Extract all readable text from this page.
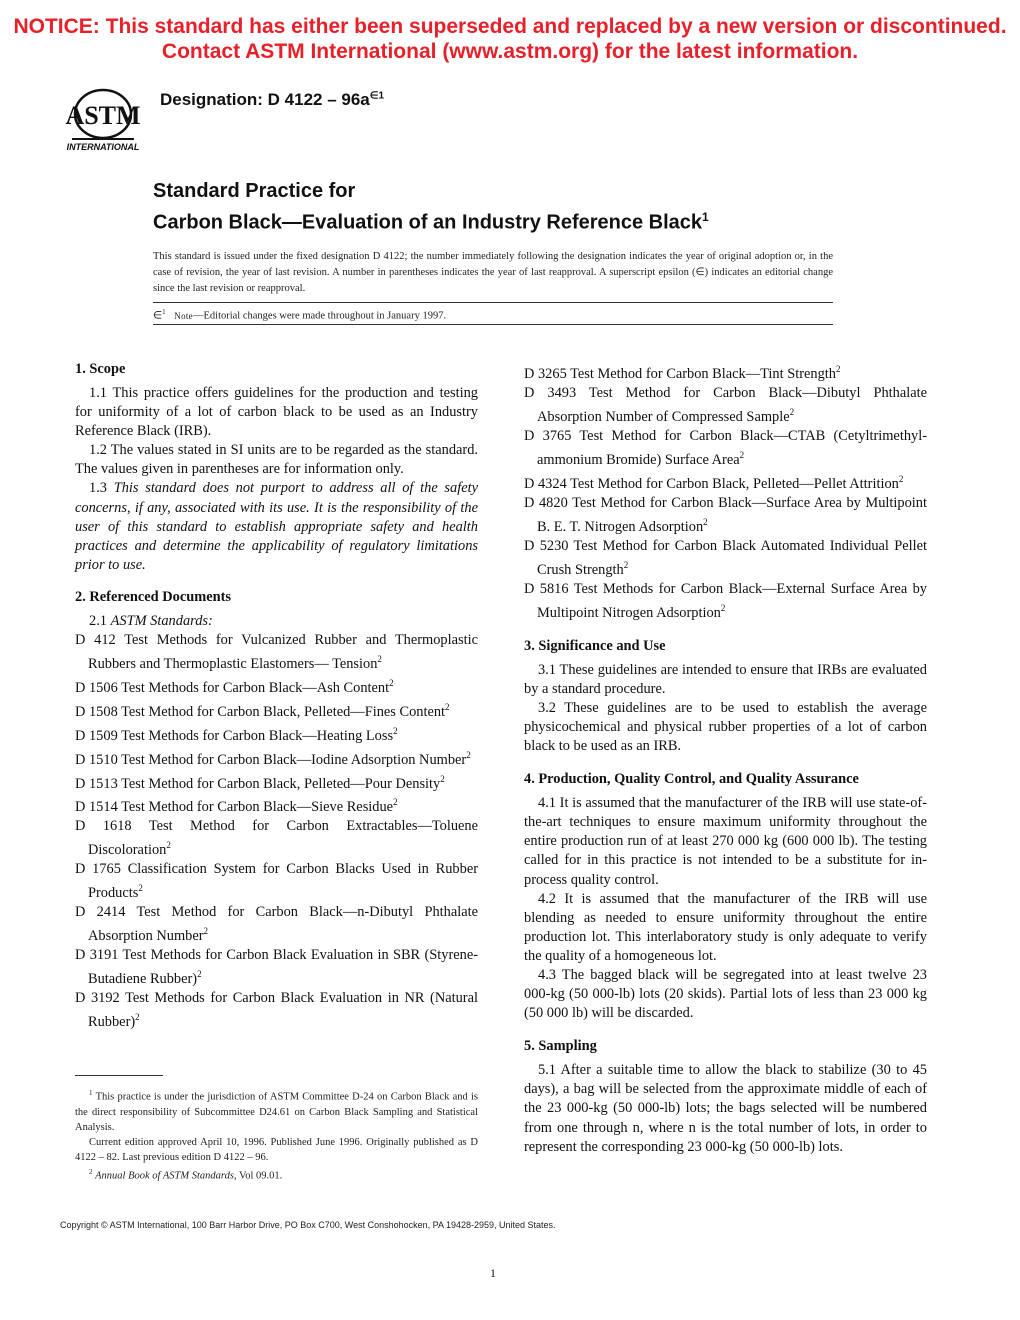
NOTICE: This standard has either been superseded and replaced by a new version or discontinued.
Contact ASTM International (www.astm.org) for the latest information.
ASTM
INTERNATIONAL
Designation: D $4122 - 96a^{\in 1}$
Standard Practice for
Carbon Black—Evaluation of an Industry Reference Black$^1$
This standard is issued under the fixed designation D 4122; the number immediately following the designation indicates the year of original adoption or, in the case of revision, the year of last revision. A number in parentheses indicates the year of last reapproval. A superscript epsilon (∈) indicates an editorial change since the last revision or reapproval.
∈$^1$ Note—Editorial changes were made throughout in January 1997.
1. Scope

1.1 This practice offers guidelines for the production and testing for uniformity of a lot of carbon black to be used as an Industry Reference Black (IRB).

1.2 The values stated in SI units are to be regarded as the standard. The values given in parentheses are for information only.

1.3 This standard does not purport to address all of the safety concerns, if any, associated with its use. It is the responsibility of the user of this standard to establish appropriate safety and health practices and determine the applicability of regulatory limitations prior to use.

2. Referenced Documents

2.1 ASTM Standards:

D 412 Test Methods for Vulcanized Rubber and Thermoplastic Rubbers and Thermoplastic Elastomers— Tension$^2$

D 1506 Test Methods for Carbon Black—Ash Content$^2$

D 1508 Test Method for Carbon Black, Pelleted—Fines Content$^2$

D 1509 Test Methods for Carbon Black—Heating Loss$^2$

D 1510 Test Method for Carbon Black—Iodine Adsorption Number$^2$

D 1513 Test Method for Carbon Black, Pelleted—Pour Density$^2$

D 1514 Test Method for Carbon Black—Sieve Residue$^2$

D 1618 Test Method for Carbon Extractables—Toluene Discoloration$^2$

D 1765 Classification System for Carbon Blacks Used in Rubber Products$^2$

D 2414 Test Method for Carbon Black—n-Dibutyl Phthalate Absorption Number$^2$

D 3191 Test Methods for Carbon Black Evaluation in SBR (Styrene-Butadiene Rubber)$^2$

D 3192 Test Methods for Carbon Black Evaluation in NR (Natural Rubber)$^2$

D 3265 Test Method for Carbon Black—Tint Strength$^2$

D 3493 Test Method for Carbon Black—Dibutyl Phthalate Absorption Number of Compressed Sample$^2$

D 3765 Test Method for Carbon Black—CTAB (Cetyltrimethyl-ammonium Bromide) Surface Area$^2$

D 4324 Test Method for Carbon Black, Pelleted—Pellet Attrition$^2$

D 4820 Test Method for Carbon Black—Surface Area by Multipoint B. E. T. Nitrogen Adsorption$^2$

D 5230 Test Method for Carbon Black Automated Individual Pellet Crush Strength$^2$

D 5816 Test Methods for Carbon Black—External Surface Area by Multipoint Nitrogen Adsorption$^2$

3. Significance and Use

3.1 These guidelines are intended to ensure that IRBs are evaluated by a standard procedure.

3.2 These guidelines are to be used to establish the average physicochemical and physical rubber properties of a lot of carbon black to be used as an IRB.

4. Production, Quality Control, and Quality Assurance

4.1 It is assumed that the manufacturer of the IRB will use state-of-the-art techniques to ensure maximum uniformity throughout the entire production run of at least 270 000 kg (600 000 lb). The testing called for in this practice is not intended to be a substitute for in-process quality control.

4.2 It is assumed that the manufacturer of the IRB will use blending as needed to ensure uniformity throughout the entire production lot. This interlaboratory study is only adequate to verify the quality of a homogeneous lot.

4.3 The bagged black will be segregated into at least twelve 23 000-kg (50 000-lb) lots (20 skids). Partial lots of less than 23 000 kg (50 000 lb) will be discarded.

5. Sampling

5.1 After a suitable time to allow the black to stabilize (30 to 45 days), a bag will be selected from the approximate middle of each of the 23 000-kg (50 000-lb) lots; the bags selected will be numbered from one through n, where n is the total number of lots, in order to represent the corresponding 23 000-kg (50 000-lb) lots.

$^1$ This practice is under the jurisdiction of ASTM Committee D-24 on Carbon Black and is the direct responsibility of Subcommittee D24.61 on Carbon Black Sampling and Statistical Analysis.

Current edition approved April 10, 1996. Published June 1996. Originally published as D 4122 – 82. Last previous edition D 4122 – 96.

$^2$ Annual Book of ASTM Standards, Vol 09.01.

Copyright © ASTM International, 100 Barr Harbor Drive, PO Box C700, West Conshohocken, PA 19428-2959, United States.
1
